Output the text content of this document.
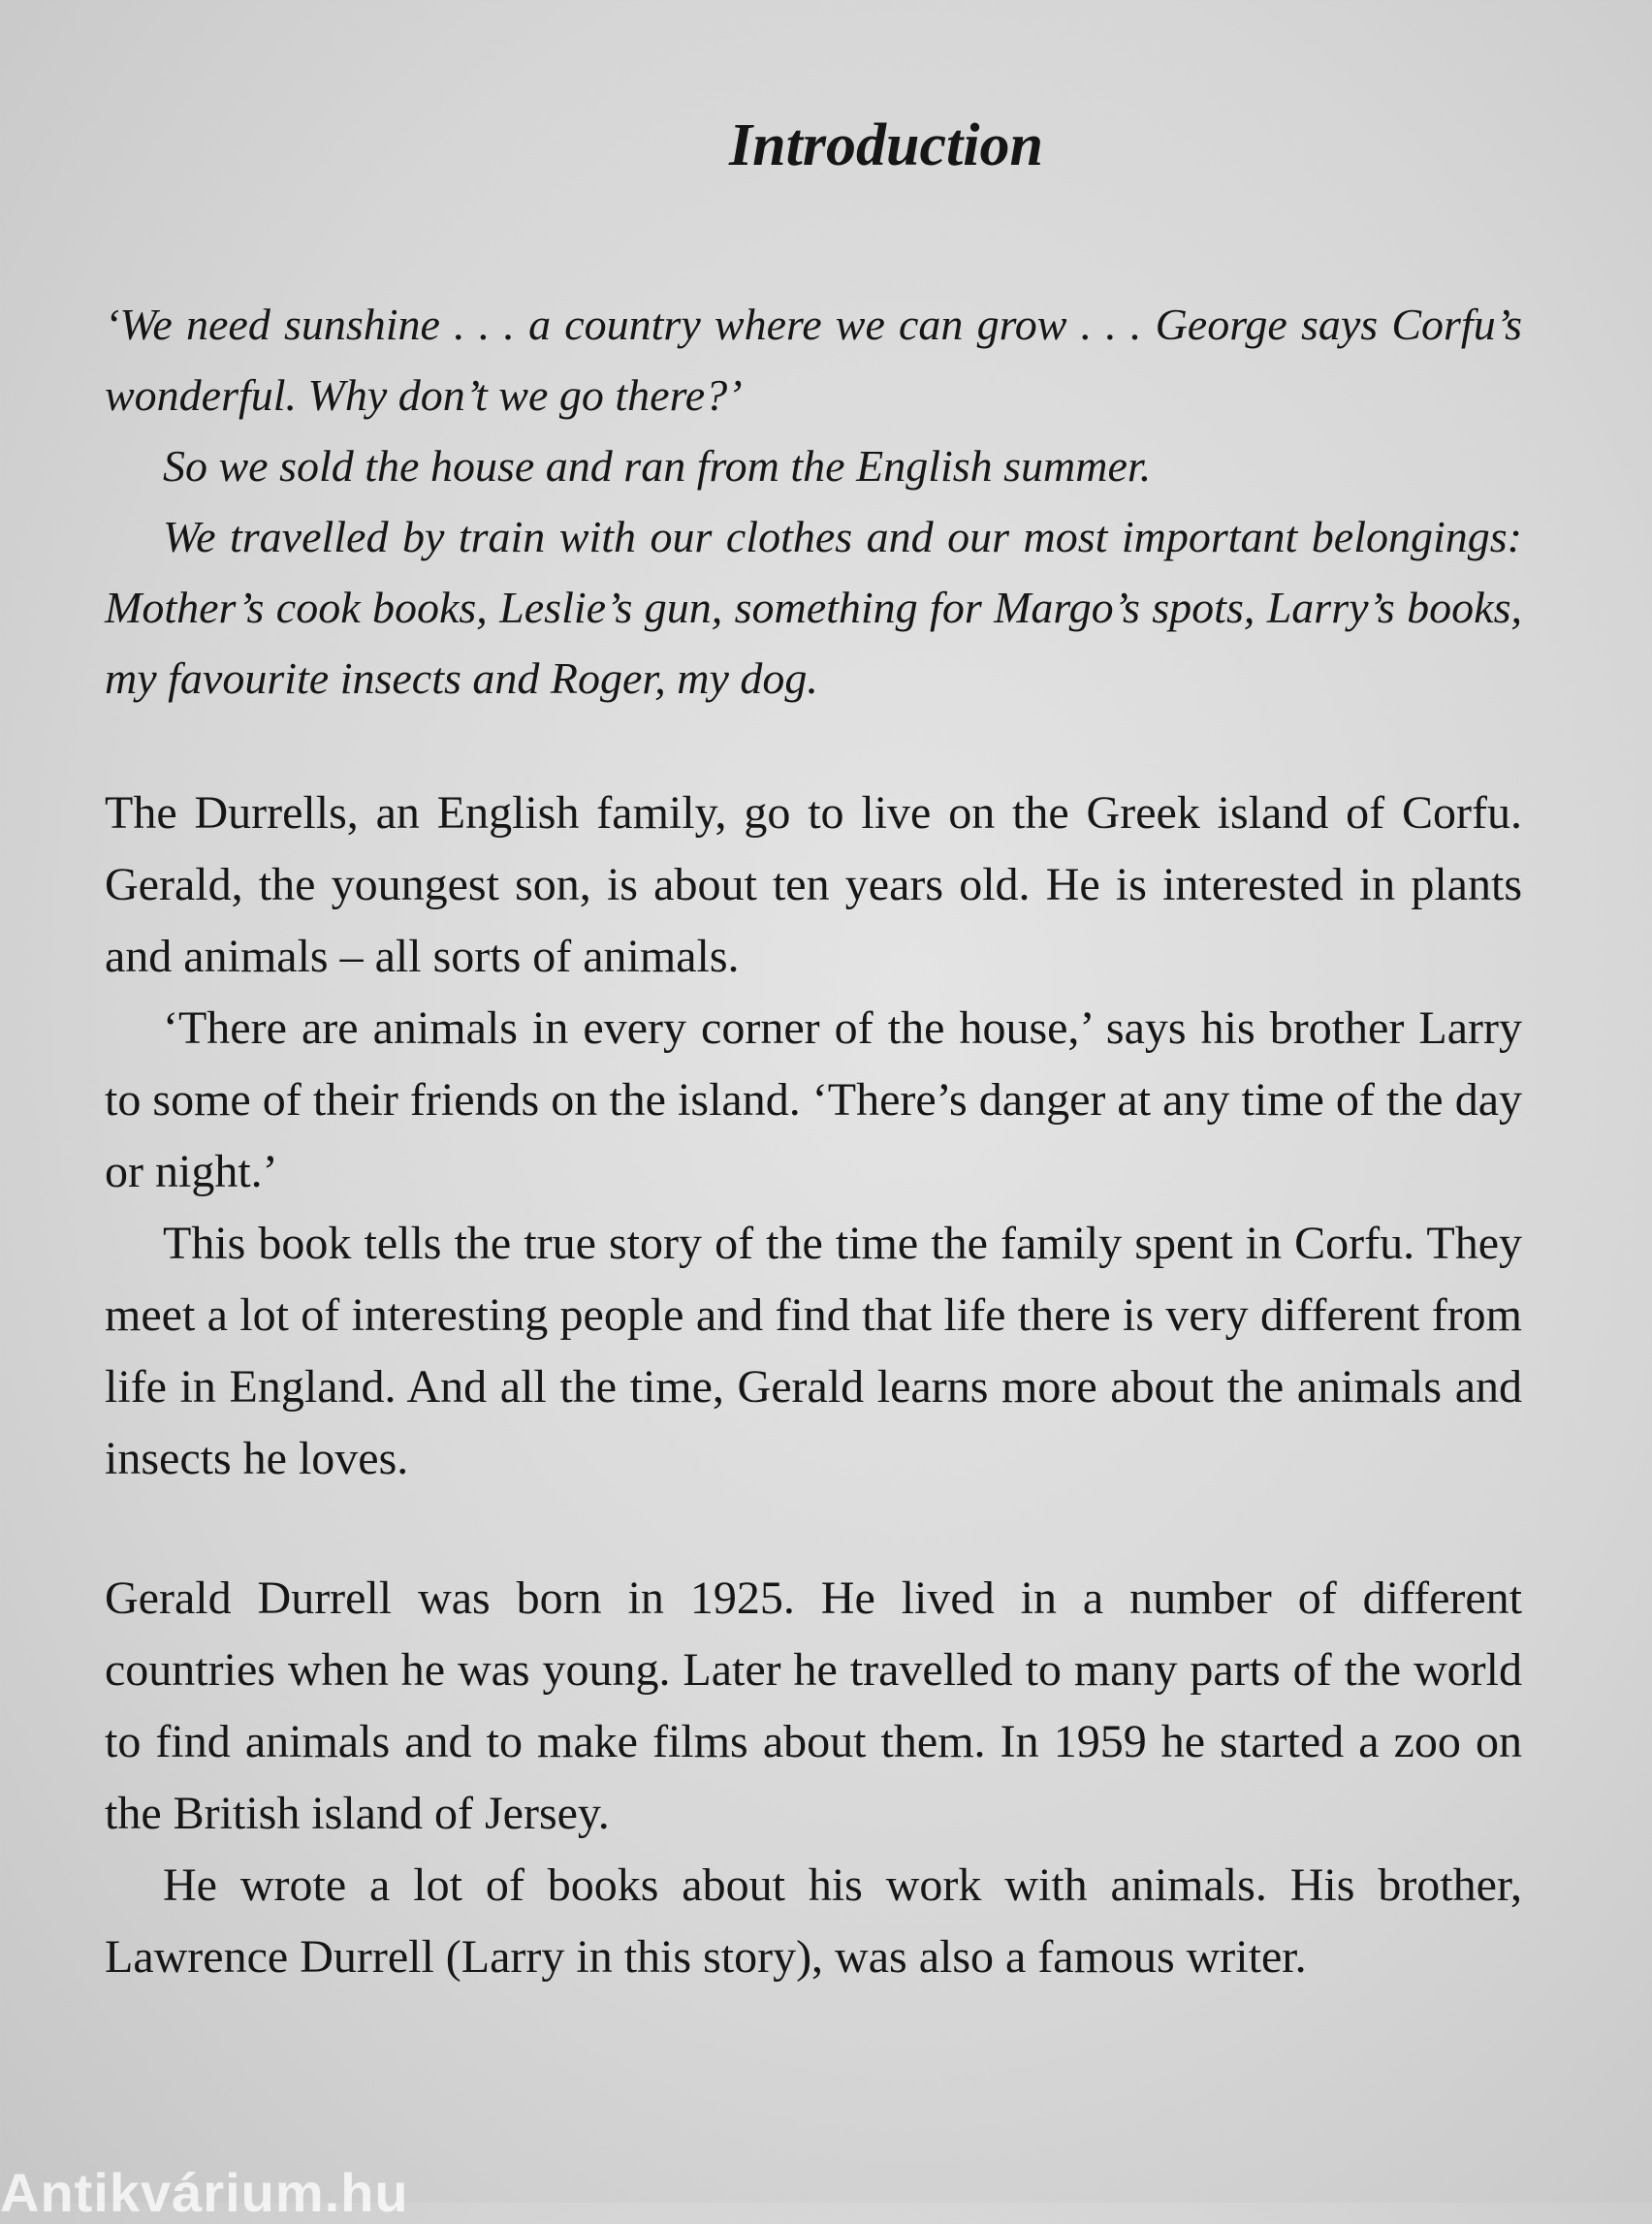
Introduction

‘We need sunshine . . . a country where we can grow . . . George says Corfu’s wonderful. Why don’t we go there?’

So we sold the house and ran from the English summer.

We travelled by train with our clothes and our most important belongings: Mother’s cook books, Leslie’s gun, something for Margo’s spots, Larry’s books, my favourite insects and Roger, my dog.

The Durrells, an English family, go to live on the Greek island of Corfu. Gerald, the youngest son, is about ten years old. He is interested in plants and animals – all sorts of animals.

‘There are animals in every corner of the house,’ says his brother Larry to some of their friends on the island. ‘There’s danger at any time of the day or night.’

This book tells the true story of the time the family spent in Corfu. They meet a lot of interesting people and find that life there is very different from life in England. And all the time, Gerald learns more about the animals and insects he loves.

Gerald Durrell was born in 1925. He lived in a number of different countries when he was young. Later he travelled to many parts of the world to find animals and to make films about them. In 1959 he started a zoo on the British island of Jersey.

He wrote a lot of books about his work with animals. His brother, Lawrence Durrell (Larry in this story), was also a famous writer.

Antikvárium.hu
